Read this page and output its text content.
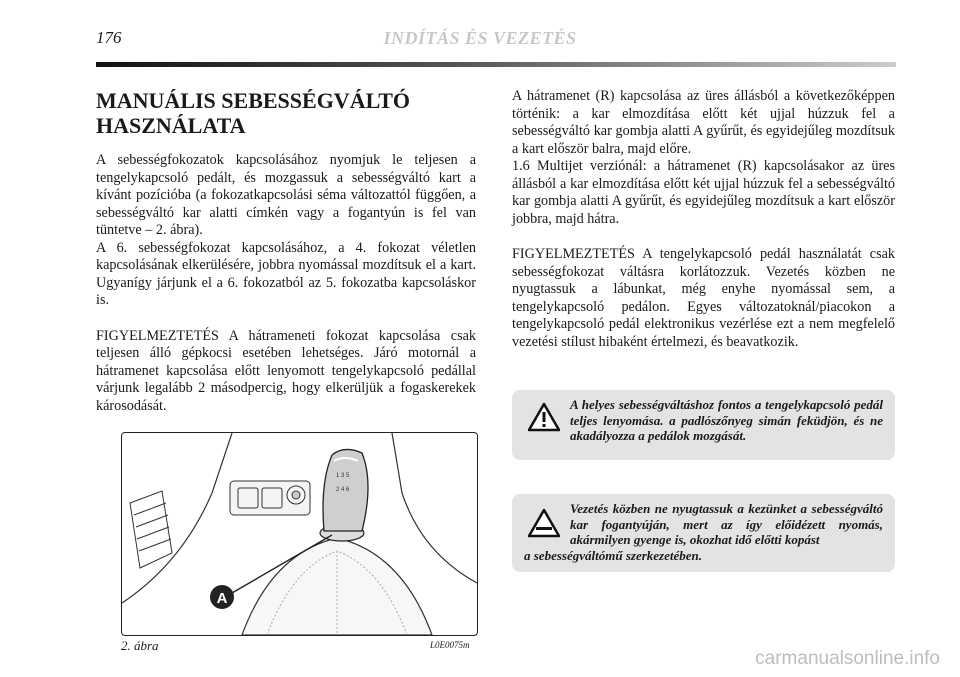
176	INDÍTÁS ÉS VEZETÉS
MANUÁLIS SEBESSÉGVÁLTÓ
HASZNÁLATA

A sebességfokozatok kapcsolásához nyomjuk le teljesen a tengelykapcsoló pedált, és mozgassuk a sebességváltó kart a kívánt pozícióba (a fokozatkapcsolási séma változattól függően, a sebességváltó kar alatti címkén vagy a fogantyún is fel van tüntetve – 2. ábra).

A 6. sebességfokozat kapcsolásához, a 4. fokozat véletlen kapcsolásának elkerülésére, jobbra nyomással mozdítsuk el a kart. Ugyanígy járjunk el a 6. fokozatból az 5. fokozatba kapcsoláskor is.

FIGYELMEZTETÉS A hátrameneti fokozat kapcsolása csak teljesen álló gépkocsi esetében lehetséges. Járó motornál a hátramenet kapcsolása előtt lenyomott tengelykapcsoló pedállal várjunk legalább 2 másodpercig, hogy elkerüljük a fogaskerekek károsodását.

1 3 5
2 4 6
A
2. ábra	L0E0075m

A hátramenet (R) kapcsolása az üres állásból a következőképpen történik: a kar elmozdítása előtt két ujjal húzzuk fel a sebességváltó kar gombja alatti A gyűrűt, és egyidejűleg mozdítsuk a kart először balra, majd előre.

1.6 Multijet verziónál: a hátramenet (R) kapcsolásakor az üres állásból a kar elmozdítása előtt két ujjal húzzuk fel a sebességváltó kar gombja alatti A gyűrűt, és egyidejűleg mozdítsuk a kart először jobbra, majd hátra.

FIGYELMEZTETÉS A tengelykapcsoló pedál használatát csak sebességfokozat váltásra korlátozzuk. Vezetés közben ne nyugtassuk a lábunkat, még enyhe nyomással sem, a tengelykapcsoló pedálon. Egyes változatoknál/piacokon a tengelykapcsoló pedál elektronikus vezérlése ezt a nem megfelelő vezetési stílust hibaként értelmezi, és beavatkozik.

A helyes sebességváltáshoz fontos a tengelykapcsoló pedál teljes lenyomása. a padlószőnyeg simán feküdjön, és ne akadályozza a pedálok mozgását.
Vezetés közben ne nyugtassuk a kezünket a sebességváltó kar fogantyúján, mert az így előidézett nyomás, akármilyen gyenge is, okozhat idő előtti kopást
a sebességváltómű szerkezetében.
carmanualsonline.info
